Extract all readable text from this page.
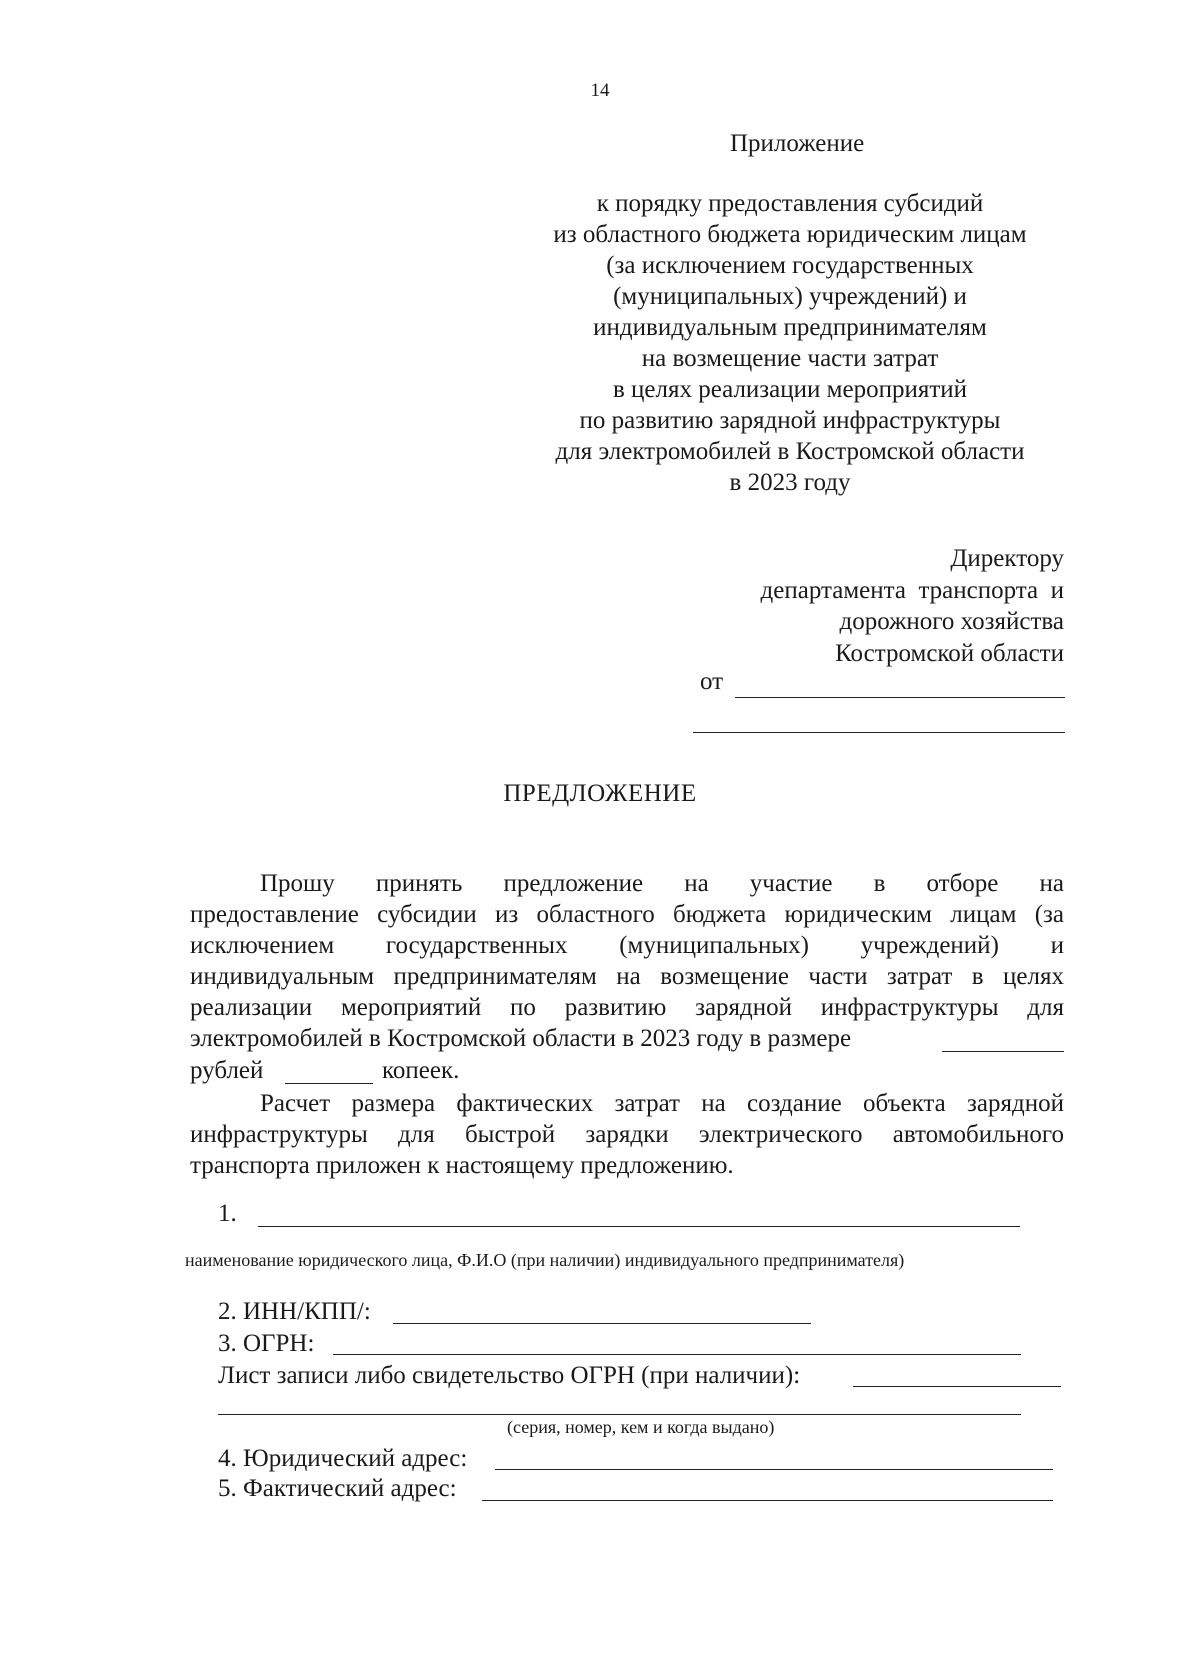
14
Приложение
к порядку предоставления субсидий
из областного бюджета юридическим лицам
(за исключением государственных
(муниципальных) учреждений) и
индивидуальным предпринимателям
на возмещение части затрат
в целях реализации мероприятий
по развитию зарядной инфраструктуры
для электромобилей в Костромской области
в 2023 году
Директору
департамента  транспорта  и
дорожного хозяйства
Костромской области
от
ПРЕДЛОЖЕНИЕ
Прошу принять предложение на участие в отборе на
предоставление субсидии из областного бюджета юридическим лицам (за
исключением государственных (муниципальных) учреждений) и
индивидуальным предпринимателям на возмещение части затрат в целях
реализации мероприятий по развитию зарядной инфраструктуры для
электромобилей в Костромской области в 2023 году в размере
рублей	копеек.
Расчет размера фактических затрат на создание объекта зарядной
инфраструктуры для быстрой зарядки электрического автомобильного
транспорта приложен к настоящему предложению.
1.
наименование юридического лица, Ф.И.О (при наличии) индивидуального предпринимателя)
2. ИНН/КПП/:
3. ОГРН:
Лист записи либо свидетельство ОГРН (при наличии):
(серия, номер, кем и когда выдано)
4. Юридический адрес:
5. Фактический адрес:
